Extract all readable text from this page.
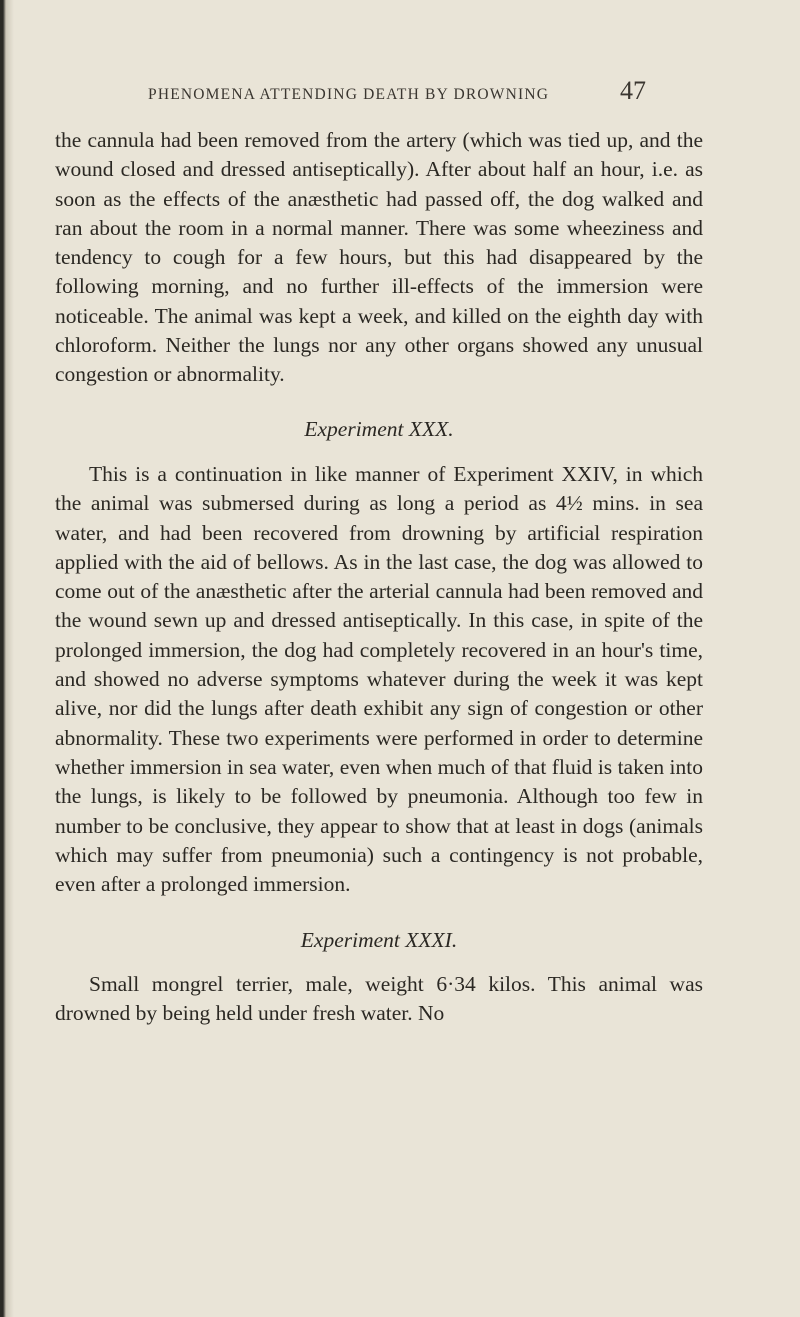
PHENOMENA ATTENDING DEATH BY DROWNING	47

the cannula had been removed from the artery (which was tied up, and the wound closed and dressed antiseptically). After about half an hour, i.e. as soon as the effects of the anæsthetic had passed off, the dog walked and ran about the room in a normal manner. There was some wheeziness and tendency to cough for a few hours, but this had disappeared by the following morning, and no further ill-effects of the immersion were noticeable. The animal was kept a week, and killed on the eighth day with chloroform. Neither the lungs nor any other organs showed any unusual congestion or abnormality.

Experiment XXX.

This is a continuation in like manner of Experiment XXIV, in which the animal was submersed during as long a period as 4½ mins. in sea water, and had been recovered from drowning by artificial respiration applied with the aid of bellows. As in the last case, the dog was allowed to come out of the anæsthetic after the arterial cannula had been removed and the wound sewn up and dressed antiseptically. In this case, in spite of the prolonged immersion, the dog had completely recovered in an hour's time, and showed no adverse symptoms whatever during the week it was kept alive, nor did the lungs after death exhibit any sign of congestion or other abnormality. These two experiments were performed in order to determine whether immersion in sea water, even when much of that fluid is taken into the lungs, is likely to be followed by pneumonia. Although too few in number to be conclusive, they appear to show that at least in dogs (animals which may suffer from pneumonia) such a contingency is not probable, even after a prolonged immersion.

Experiment XXXI.

Small mongrel terrier, male, weight 6·34 kilos. This animal was drowned by being held under fresh water. No
